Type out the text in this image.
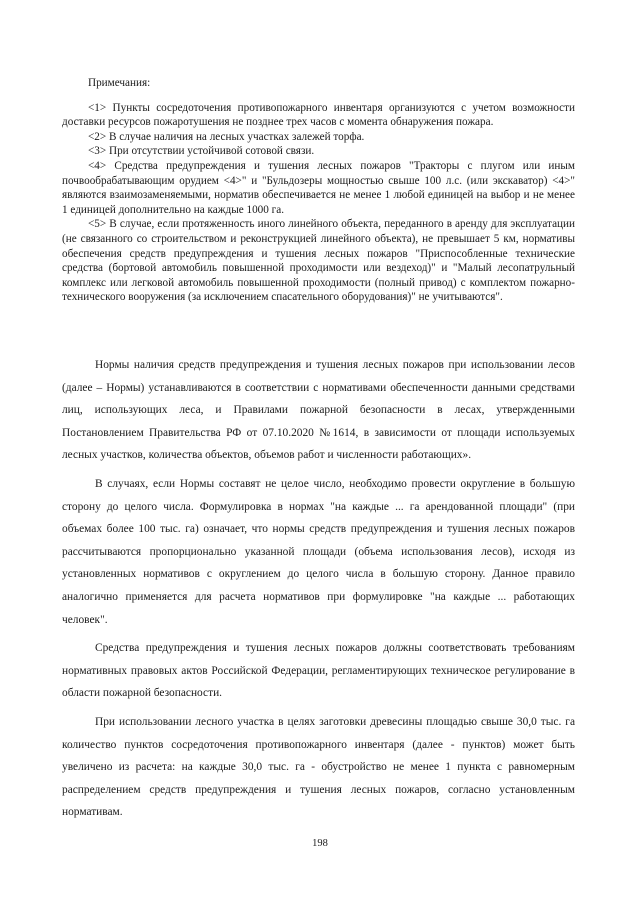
Примечания:

<1> Пункты сосредоточения противопожарного инвентаря организуются с учетом возможности доставки ресурсов пожаротушения не позднее трех часов с момента обнаружения пожара.

<2> В случае наличия на лесных участках залежей торфа.

<3> При отсутствии устойчивой сотовой связи.

<4> Средства предупреждения и тушения лесных пожаров "Тракторы с плугом или иным почвообрабатывающим орудием <4>" и "Бульдозеры мощностью свыше 100 л.с. (или экскаватор) <4>" являются взаимозаменяемыми, норматив обеспечивается не менее 1 любой единицей на выбор и не менее 1 единицей дополнительно на каждые 1000 га.

<5> В случае, если протяженность иного линейного объекта, переданного в аренду для эксплуатации (не связанного со строительством и реконструкцией линейного объекта), не превышает 5 км, нормативы обеспечения средств предупреждения и тушения лесных пожаров "Приспособленные технические средства (бортовой автомобиль повышенной проходимости или вездеход)" и "Малый лесопатрульный комплекс или легковой автомобиль повышенной проходимости (полный привод) с комплектом пожарно-технического вооружения (за исключением спасательного оборудования)" не учитываются".

Нормы наличия средств предупреждения и тушения лесных пожаров при использовании лесов (далее – Нормы) устанавливаются в соответствии с нормативами обеспеченности данными средствами лиц, использующих леса, и Правилами пожарной безопасности в лесах, утвержденными Постановлением Правительства РФ от 07.10.2020 №1614, в зависимости от площади используемых лесных участков, количества объектов, объемов работ и численности работающих».

В случаях, если Нормы составят не целое число, необходимо провести округление в большую сторону до целого числа. Формулировка в нормах "на каждые ... га арендованной площади" (при объемах более 100 тыс. га) означает, что нормы средств предупреждения и тушения лесных пожаров рассчитываются пропорционально указанной площади (объема использования лесов), исходя из установленных нормативов с округлением до целого числа в большую сторону. Данное правило аналогично применяется для расчета нормативов при формулировке "на каждые ... работающих человек".

Средства предупреждения и тушения лесных пожаров должны соответствовать требованиям нормативных правовых актов Российской Федерации, регламентирующих техническое регулирование в области пожарной безопасности.

При использовании лесного участка в целях заготовки древесины площадью свыше 30,0 тыс. га количество пунктов сосредоточения противопожарного инвентаря (далее - пунктов) может быть увеличено из расчета: на каждые 30,0 тыс. га - обустройство не менее 1 пункта с равномерным распределением средств предупреждения и тушения лесных пожаров, согласно установленным нормативам.

198
